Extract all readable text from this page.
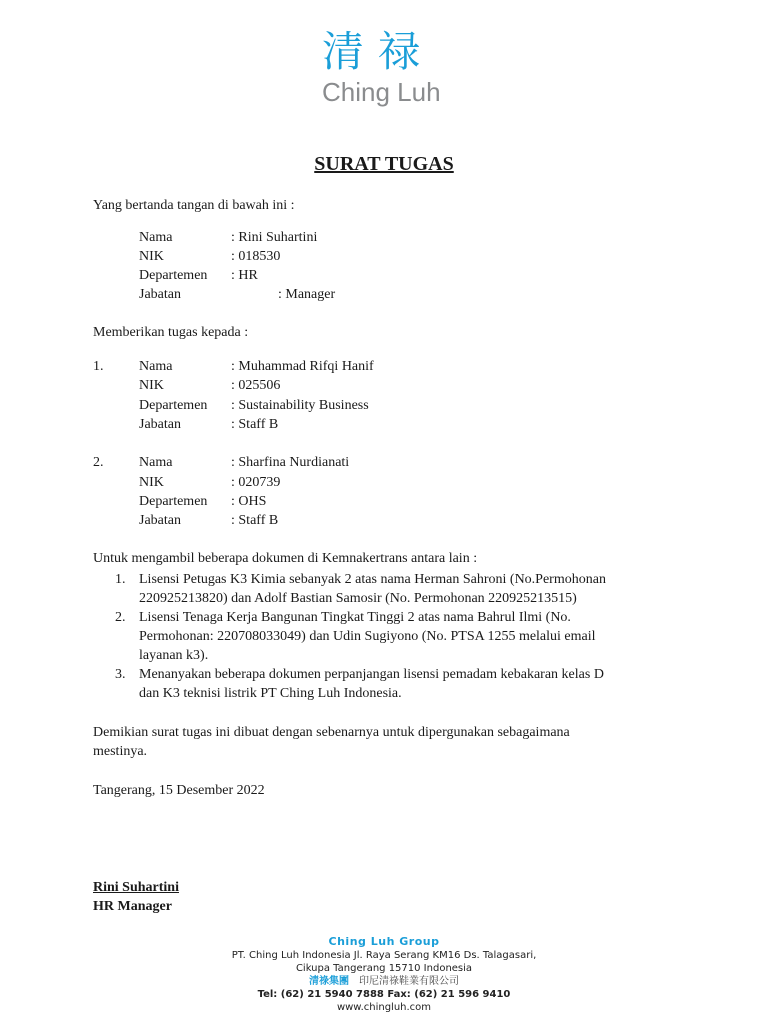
清禄
Ching Luh
SURAT TUGAS
Yang bertanda tangan di bawah ini :
Nama	: Rini Suhartini
NIK	: 018530
Departemen : HR
Jabatan	: Manager
Memberikan tugas kepada :
1.	Nama	: Muhammad Rifqi Hanif
NIK	: 025506
Departemen : Sustainability Business
Jabatan	: Staff B
2.	Nama	: Sharfina Nurdianati
NIK	: 020739
Departemen : OHS
Jabatan	: Staff B
Untuk mengambil beberapa dokumen di Kemnakertrans antara lain :
1. Lisensi Petugas K3 Kimia sebanyak 2 atas nama Herman Sahroni (No.Permohonan
220925213820) dan Adolf Bastian Samosir (No. Permohonan 220925213515)
2. Lisensi Tenaga Kerja Bangunan Tingkat Tinggi 2 atas nama Bahrul Ilmi (No.
Permohonan: 220708033049) dan Udin Sugiyono (No. PTSA 1255 melalui email
layanan k3).
3. Menanyakan beberapa dokumen perpanjangan lisensi pemadam kebakaran kelas D
dan K3 teknisi listrik PT Ching Luh Indonesia.
Demikian surat tugas ini dibuat dengan sebenarnya untuk dipergunakan sebagaimana
mestinya.
Tangerang, 15 Desember 2022
Rini Suhartini
HR Manager
Ching Luh Group
PT. Ching Luh Indonesia Jl. Raya Serang KM16 Ds. Talagasari,
Cikupa Tangerang 15710 Indonesia
清祿集團 印尼清祿鞋業有限公司
Tel: (62) 21 5940 7888 Fax: (62) 21 596 9410
www.chingluh.com
